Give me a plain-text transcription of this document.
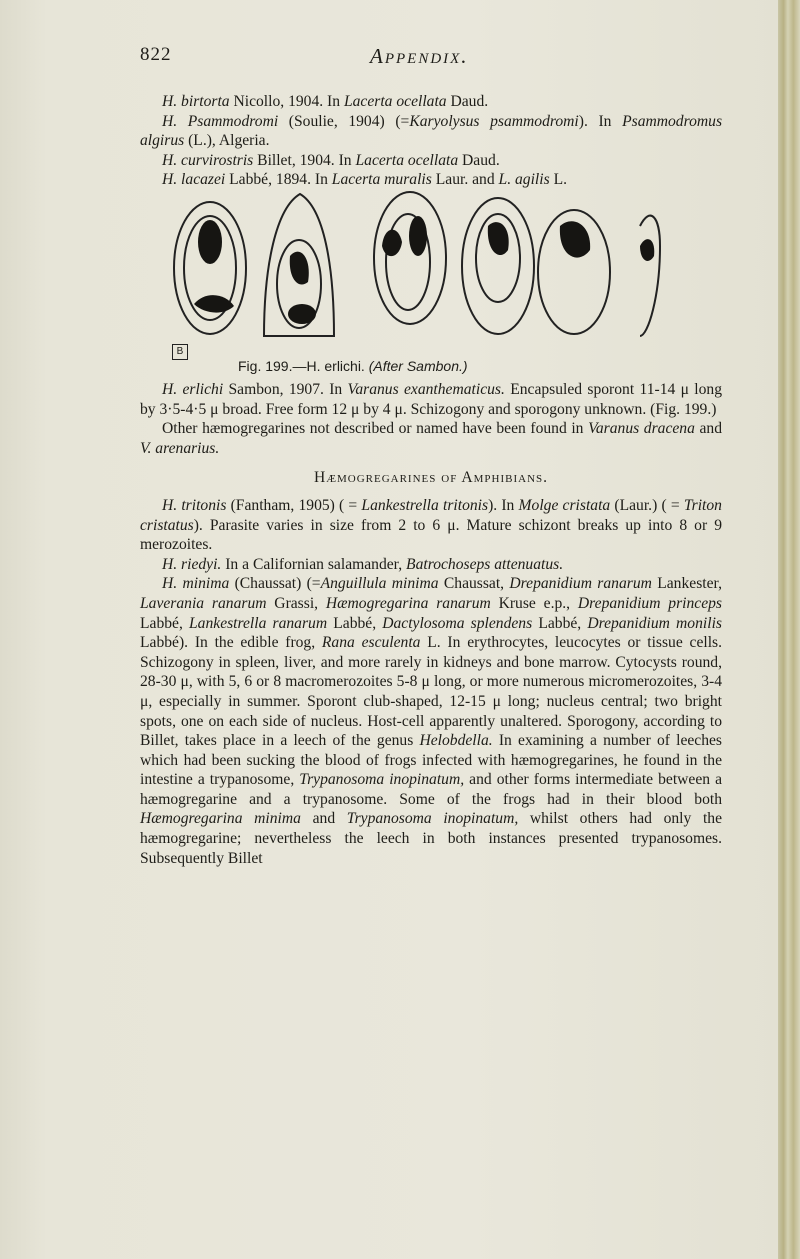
822	Appendix.

H. birtorta Nicollo, 1904. In Lacerta ocellata Daud.

H. Psammodromi (Soulie, 1904) (=Karyolysus psammodromi). In Psammodromus algirus (L.), Algeria.

H. curvirostris Billet, 1904. In Lacerta ocellata Daud.

H. lacazei Labbé, 1894. In Lacerta muralis Laur. and L. agilis L.

B
Fig. 199.—H. erlichi. (After Sambon.)

H. erlichi Sambon, 1907. In Varanus exanthematicus. Encapsuled sporont 11-14 μ long by 3·5-4·5 μ broad. Free form 12 μ by 4 μ. Schizogony and sporogony unknown. (Fig. 199.)

Other hæmogregarines not described or named have been found in Varanus dracena and V. arenarius.

Hæmogregarines of Amphibians.

H. tritonis (Fantham, 1905) ( = Lankestrella tritonis). In Molge cristata (Laur.) ( = Triton cristatus). Parasite varies in size from 2 to 6 μ. Mature schizont breaks up into 8 or 9 merozoites.

H. riedyi. In a Californian salamander, Batrochoseps attenuatus.

H. minima (Chaussat) (=Anguillula minima Chaussat, Drepanidium ranarum Lankester, Laverania ranarum Grassi, Hæmogregarina ranarum Kruse e.p., Drepanidium princeps Labbé, Lankestrella ranarum Labbé, Dactylosoma splendens Labbé, Drepanidium monilis Labbé). In the edible frog, Rana esculenta L. In erythrocytes, leucocytes or tissue cells. Schizogony in spleen, liver, and more rarely in kidneys and bone marrow. Cytocysts round, 28-30 μ, with 5, 6 or 8 macromerozoites 5-8 μ long, or more numerous micromerozoites, 3-4 μ, especially in summer. Sporont club-shaped, 12-15 μ long; nucleus central; two bright spots, one on each side of nucleus. Host-cell apparently unaltered. Sporogony, according to Billet, takes place in a leech of the genus Helobdella. In examining a number of leeches which had been sucking the blood of frogs infected with hæmogregarines, he found in the intestine a trypanosome, Trypanosoma inopinatum, and other forms intermediate between a hæmogregarine and a trypanosome. Some of the frogs had in their blood both Hæmogregarina minima and Trypanosoma inopinatum, whilst others had only the hæmogregarine; nevertheless the leech in both instances presented trypanosomes. Subsequently Billet
